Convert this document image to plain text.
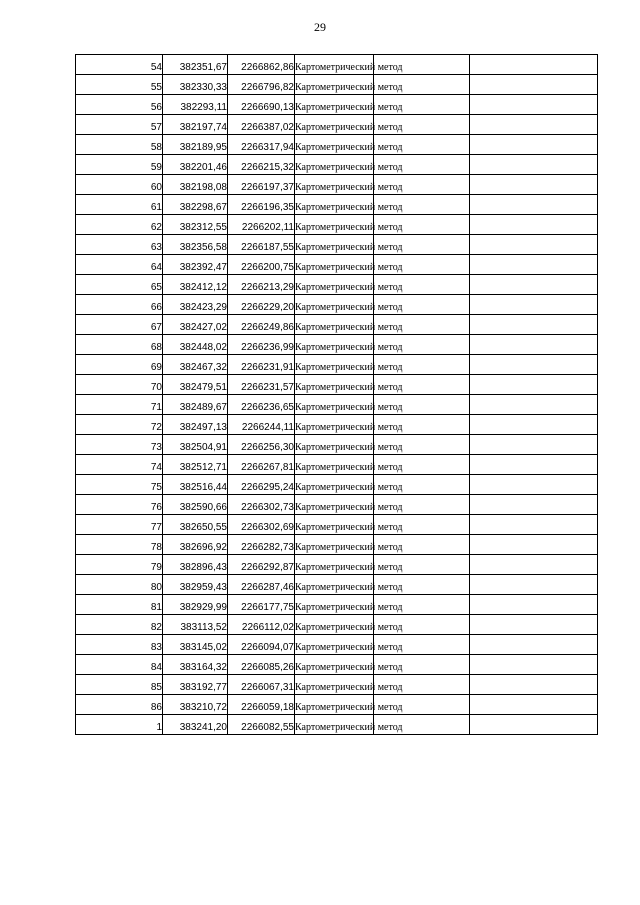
29
54	382351,67	2266862,86	Картометрический метод		
55	382330,33	2266796,82	Картометрический метод		
56	382293,11	2266690,13	Картометрический метод		
57	382197,74	2266387,02	Картометрический метод		
58	382189,95	2266317,94	Картометрический метод		
59	382201,46	2266215,32	Картометрический метод		
60	382198,08	2266197,37	Картометрический метод		
61	382298,67	2266196,35	Картометрический метод		
62	382312,55	2266202,11	Картометрический метод		
63	382356,58	2266187,55	Картометрический метод		
64	382392,47	2266200,75	Картометрический метод		
65	382412,12	2266213,29	Картометрический метод		
66	382423,29	2266229,20	Картометрический метод		
67	382427,02	2266249,86	Картометрический метод		
68	382448,02	2266236,99	Картометрический метод		
69	382467,32	2266231,91	Картометрический метод		
70	382479,51	2266231,57	Картометрический метод		
71	382489,67	2266236,65	Картометрический метод		
72	382497,13	2266244,11	Картометрический метод		
73	382504,91	2266256,30	Картометрический метод		
74	382512,71	2266267,81	Картометрический метод		
75	382516,44	2266295,24	Картометрический метод		
76	382590,66	2266302,73	Картометрический метод		
77	382650,55	2266302,69	Картометрический метод		
78	382696,92	2266282,73	Картометрический метод		
79	382896,43	2266292,87	Картометрический метод		
80	382959,43	2266287,46	Картометрический метод		
81	382929,99	2266177,75	Картометрический метод		
82	383113,52	2266112,02	Картометрический метод		
83	383145,02	2266094,07	Картометрический метод		
84	383164,32	2266085,26	Картометрический метод		
85	383192,77	2266067,31	Картометрический метод		
86	383210,72	2266059,18	Картометрический метод		
1	383241,20	2266082,55	Картометрический метод		
